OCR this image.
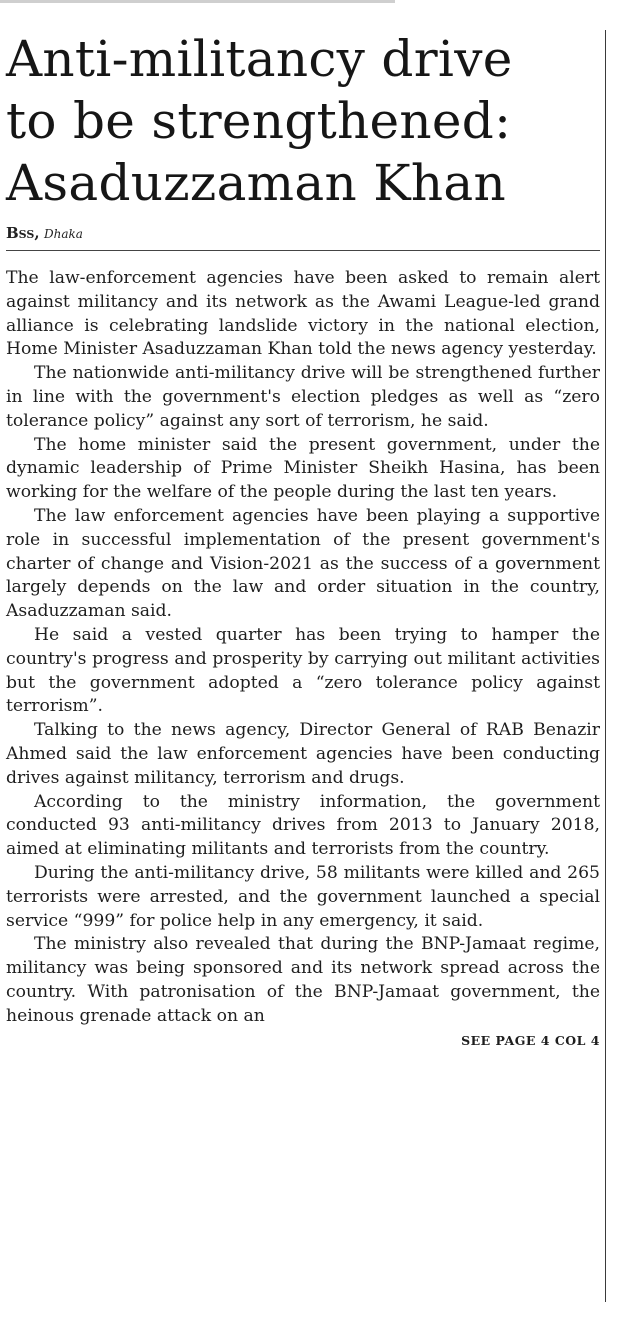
Anti-militancy drive
to be strengthened:
Asaduzzaman Khan
Bss, Dhaka

The law-enforcement agencies have been asked to remain alert against militancy and its network as the Awami League-led grand alliance is celebrating landslide victory in the national election, Home Minister Asaduzzaman Khan told the news agency yesterday.

The nationwide anti-militancy drive will be strengthened further in line with the government's election pledges as well as “zero tolerance policy” against any sort of terrorism, he said.

The home minister said the present government, under the dynamic leadership of Prime Minister Sheikh Hasina, has been working for the welfare of the people during the last ten years.

The law enforcement agencies have been playing a supportive role in successful implementation of the present government's charter of change and Vision-2021 as the success of a government largely depends on the law and order situation in the country, Asaduzzaman said.

He said a vested quarter has been trying to hamper the country's progress and prosperity by carrying out militant activities but the government adopted a “zero tolerance policy against terrorism”.

Talking to the news agency, Director General of RAB Benazir Ahmed said the law enforcement agencies have been conducting drives against militancy, terrorism and drugs.

According to the ministry information, the government conducted 93 anti-militancy drives from 2013 to January 2018, aimed at eliminating militants and terrorists from the country.

During the anti-militancy drive, 58 militants were killed and 265 terrorists were arrested, and the government launched a special service “999” for police help in any emergency, it said.

The ministry also revealed that during the BNP-Jamaat regime, militancy was being sponsored and its network spread across the country. With patronisation of the BNP-Jamaat government, the heinous grenade attack on an

SEE PAGE 4 COL 4
